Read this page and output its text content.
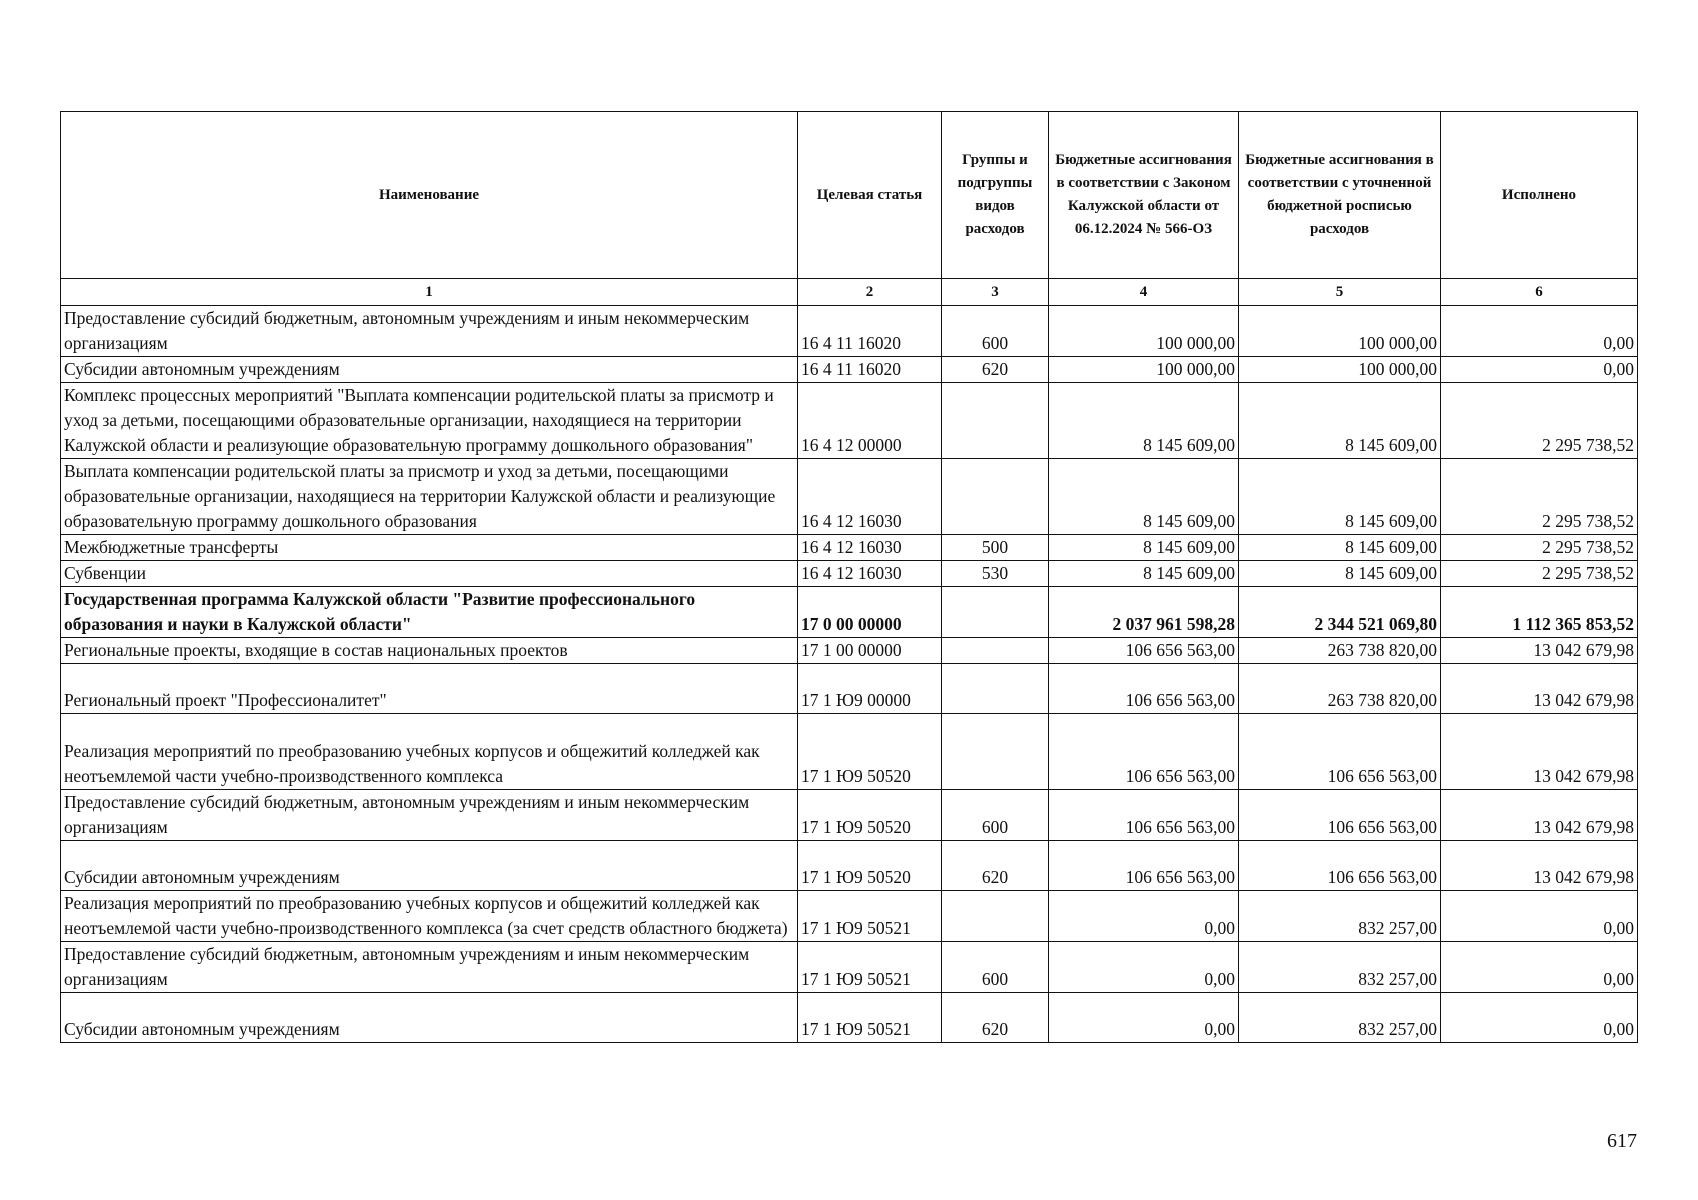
Наименование	Целевая статья	Группы и подгруппы видов расходов	Бюджетные ассигнования в соответствии с Законом Калужской области от 06.12.2024 № 566-ОЗ	Бюджетные ассигнования в соответствии с уточненной бюджетной росписью расходов	Исполнено
1	2	3	4	5	6
Предоставление субсидий бюджетным, автономным учреждениям и иным некоммерческим организациям	16 4 11 16020	600	100 000,00	100 000,00	0,00
Субсидии автономным учреждениям	16 4 11 16020	620	100 000,00	100 000,00	0,00
Комплекс процессных мероприятий "Выплата компенсации родительской платы за присмотр и уход за детьми, посещающими образовательные организации, находящиеся на территории Калужской области и реализующие образовательную программу дошкольного образования"	16 4 12 00000		8 145 609,00	8 145 609,00	2 295 738,52
Выплата компенсации родительской платы за присмотр и уход за детьми, посещающими образовательные организации, находящиеся на территории Калужской области и реализующие образовательную программу дошкольного образования	16 4 12 16030		8 145 609,00	8 145 609,00	2 295 738,52
Межбюджетные трансферты	16 4 12 16030	500	8 145 609,00	8 145 609,00	2 295 738,52
Субвенции	16 4 12 16030	530	8 145 609,00	8 145 609,00	2 295 738,52
Государственная программа Калужской области "Развитие профессионального образования и науки в Калужской области"	17 0 00 00000		2 037 961 598,28	2 344 521 069,80	1 112 365 853,52
Региональные проекты, входящие в состав национальных проектов	17 1 00 00000		106 656 563,00	263 738 820,00	13 042 679,98
Региональный проект "Профессионалитет"	17 1 Ю9 00000		106 656 563,00	263 738 820,00	13 042 679,98
Реализация мероприятий по преобразованию учебных корпусов и общежитий колледжей как неотъемлемой части учебно-производственного комплекса	17 1 Ю9 50520		106 656 563,00	106 656 563,00	13 042 679,98
Предоставление субсидий бюджетным, автономным учреждениям и иным некоммерческим организациям	17 1 Ю9 50520	600	106 656 563,00	106 656 563,00	13 042 679,98
Субсидии автономным учреждениям	17 1 Ю9 50520	620	106 656 563,00	106 656 563,00	13 042 679,98
Реализация мероприятий по преобразованию учебных корпусов и общежитий колледжей как неотъемлемой части учебно-производственного комплекса (за счет средств областного бюджета)	17 1 Ю9 50521		0,00	832 257,00	0,00
Предоставление субсидий бюджетным, автономным учреждениям и иным некоммерческим организациям	17 1 Ю9 50521	600	0,00	832 257,00	0,00
Субсидии автономным учреждениям	17 1 Ю9 50521	620	0,00	832 257,00	0,00
617
